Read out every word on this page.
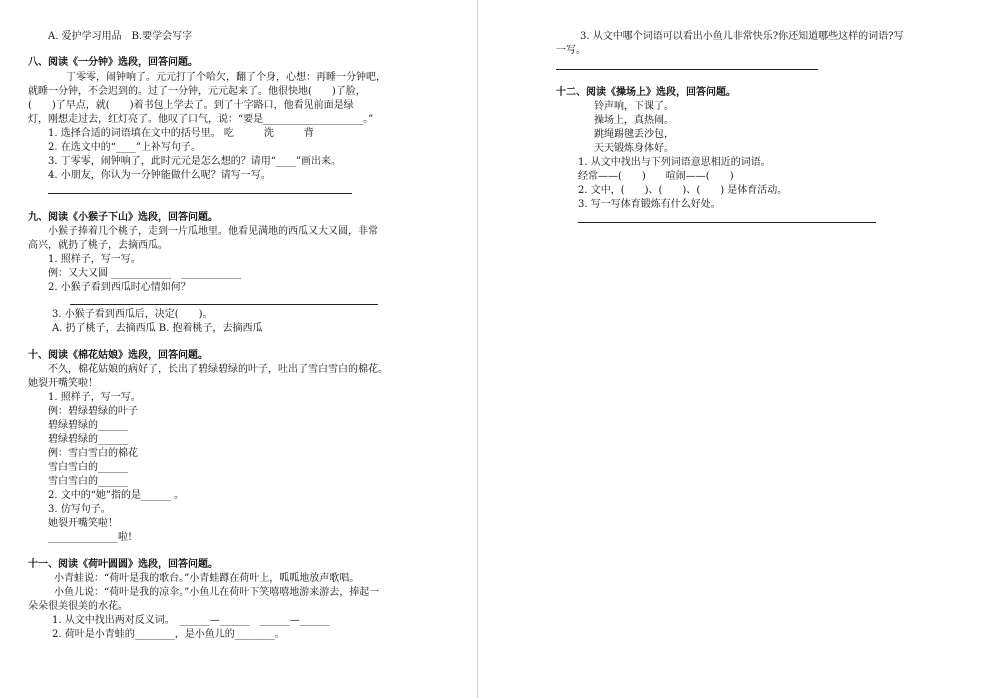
A. 爱护学习用品　B.要学会写字
八、阅读《一分钟》选段，回答问题。
丁零零，闹钟响了。元元打了个哈欠，翻了个身，心想：再睡一分钟吧，
就睡一分钟，不会迟到的。过了一分钟，元元起来了。他很快地(　　)了脸，
(　　)了早点，就(　　)着书包上学去了。到了十字路口，他看见前面是绿
灯，刚想走过去，红灯亮了。他叹了口气，说：“要是____________________。”
1. 选择合适的词语填在文中的括号里。 吃　　　洗　　　背
2. 在选文中的“____”上补写句子。
3. 丁零零，闹钟响了，此时元元是怎么想的？请用“____”画出来。
4. 小朋友，你认为一分钟能做什么呢？请写一写。
九、阅读《小猴子下山》选段，回答问题。
小猴子捧着几个桃子，走到一片瓜地里。他看见满地的西瓜又大又圆，非常
高兴，就扔了桃子，去摘西瓜。
1. 照样子，写一写。
例：又大又圆 ____________　____________
2. 小猴子看到西瓜时心情如何？
3. 小猴子看到西瓜后，决定(　　)。
A. 扔了桃子，去摘西瓜 B. 抱着桃子，去摘西瓜
十、阅读《棉花姑娘》选段，回答问题。
不久，棉花姑娘的病好了，长出了碧绿碧绿的叶子，吐出了雪白雪白的棉花。
她裂开嘴笑啦！
1. 照样子，写一写。
例：碧绿碧绿的叶子
碧绿碧绿的______
碧绿碧绿的______
例：雪白雪白的棉花
雪白雪白的______
雪白雪白的______
2. 文中的“她”指的是______ 。
3. 仿写句子。
她裂开嘴笑啦！
______________啦!
十一、阅读《荷叶圆圆》选段，回答问题。
小青蛙说：“荷叶是我的歌台。”小青蛙蹲在荷叶上，呱呱地放声歌唱。
小鱼儿说：“荷叶是我的凉伞。”小鱼儿在荷叶下笑嘻嘻地游来游去，捧起一
朵朵很美很美的水花。
1. 从文中找出两对反义词。　______—______　______—______
2. 荷叶是小青蛙的________，是小鱼儿的________。
3. 从文中哪个词语可以看出小鱼儿非常快乐?你还知道哪些这样的词语?写
一写。
十二、阅读《操场上》选段，回答问题。
铃声响，下课了。
操场上，真热闹。
跳绳踢毽丢沙包，
天天锻炼身体好。
1. 从文中找出与下列词语意思相近的词语。
经常——(　　)　　喧闹——(　　)
2. 文中，(　　)、(　　)、(　　) 是体育活动。
3. 写一写体育锻炼有什么好处。
